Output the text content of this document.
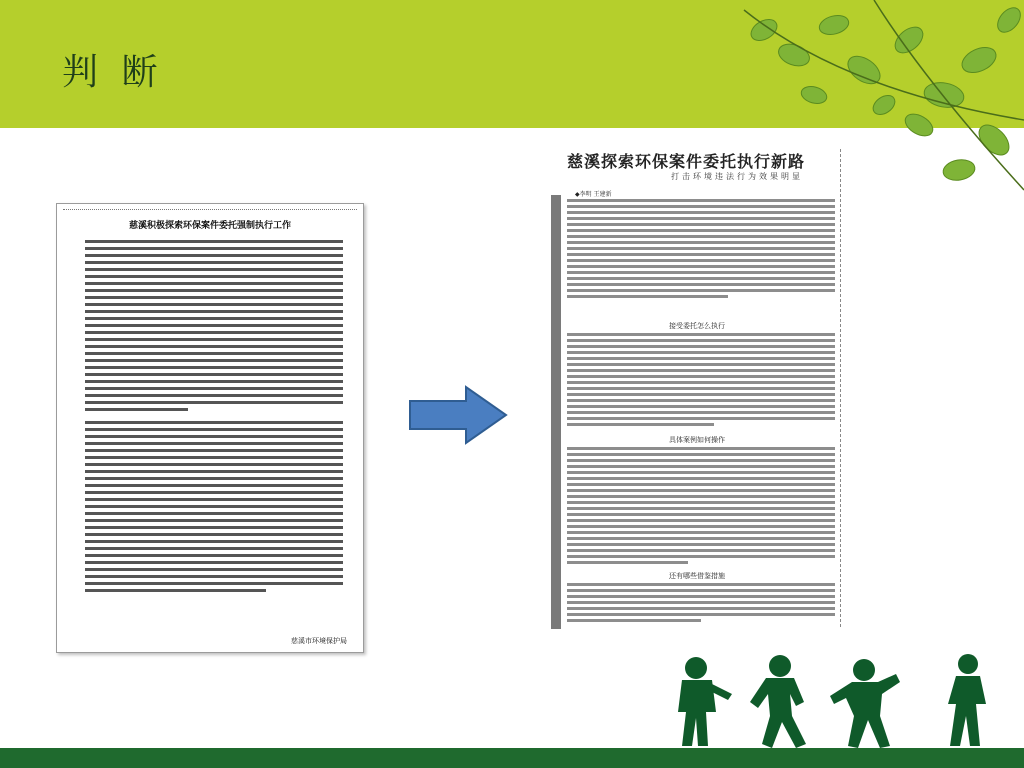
判 断
慈溪积极探索环保案件委托强制执行工作
慈溪市环境保护局
慈溪探索环保案件委托执行新路
打击环境违法行为效果明显
◆李明 王建新
接受委托怎么执行
具体案例如何操作
还有哪些借鉴措施
